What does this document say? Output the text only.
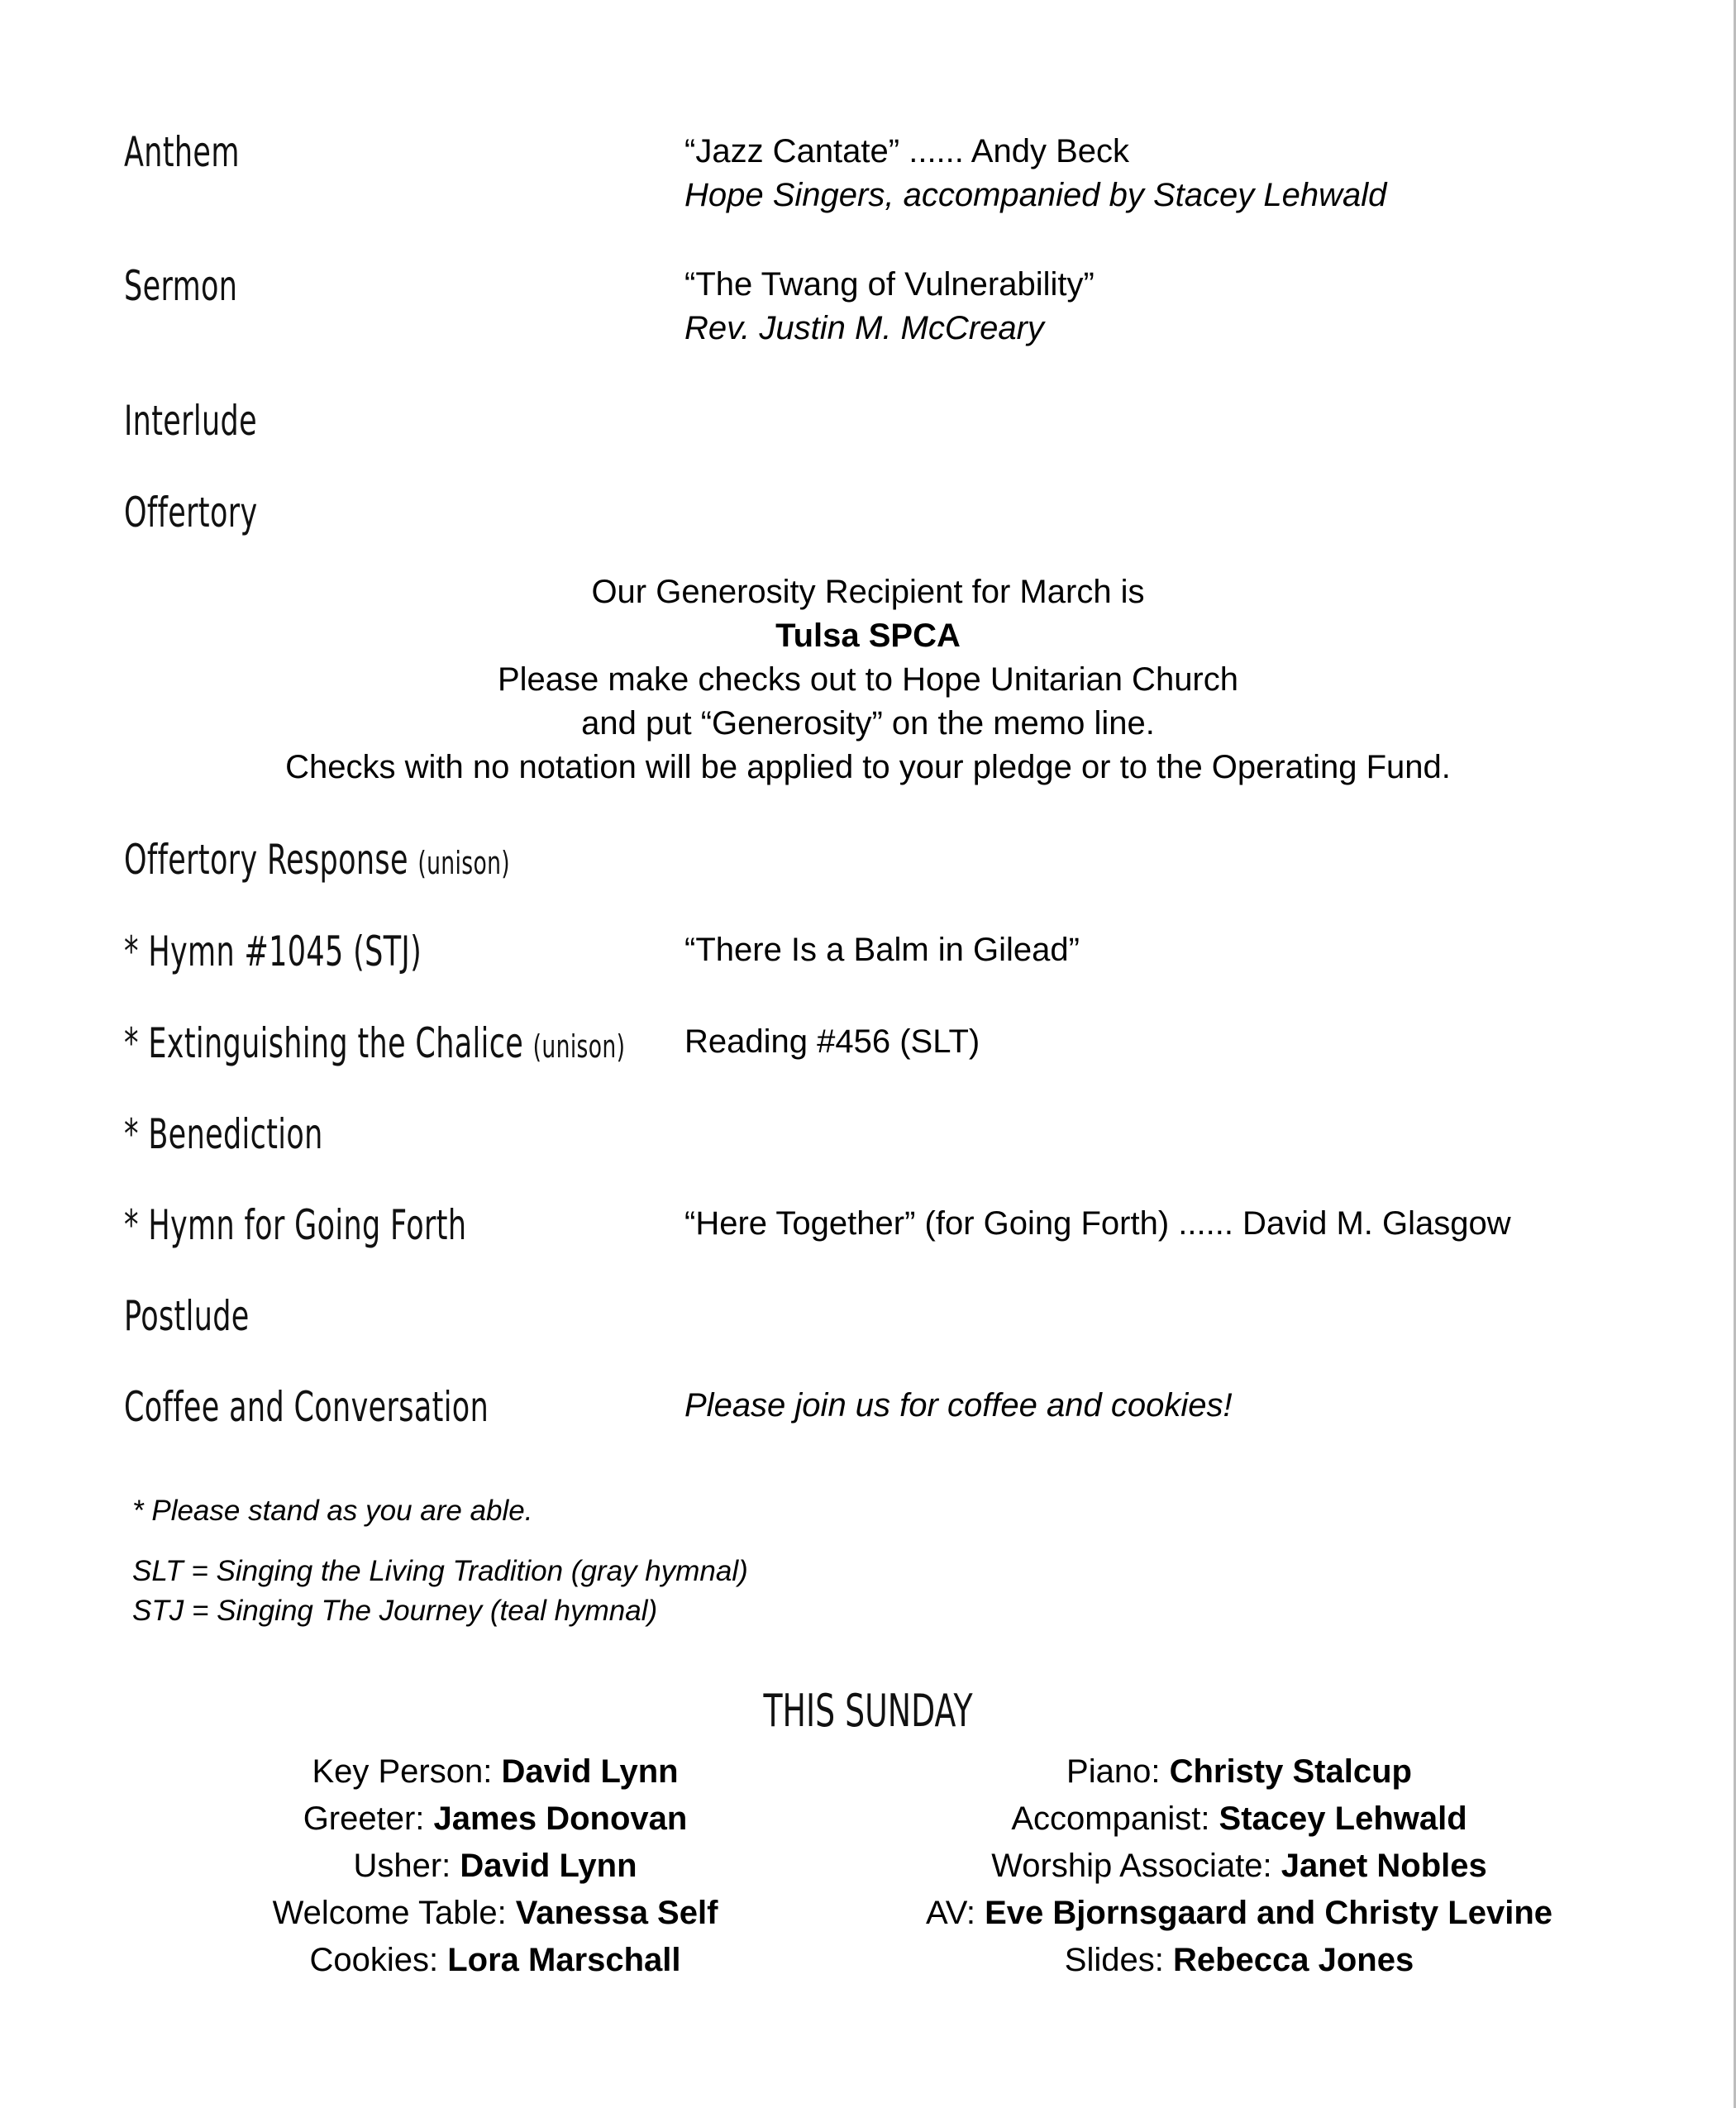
Anthem	“Jazz Cantate” ...... Andy Beck
Hope Singers, accompanied by Stacey Lehwald
Sermon	“The Twang of Vulnerability”
Rev. Justin M. McCreary
Interlude
Offertory
Our Generosity Recipient for March is
Tulsa SPCA
Please make checks out to Hope Unitarian Church
and put “Generosity” on the memo line.
Checks with no notation will be applied to your pledge or to the Operating Fund.
Offertory Response (unison)
* Hymn #1045 (STJ)	“There Is a Balm in Gilead”
* Extinguishing the Chalice (unison) Reading #456 (SLT)
* Benediction
* Hymn for Going Forth	“Here Together” (for Going Forth) ...... David M. Glasgow
Postlude
Coffee and Conversation	Please join us for coffee and cookies!
* Please stand as you are able.
SLT = Singing the Living Tradition (gray hymnal)
STJ = Singing The Journey (teal hymnal)
THIS SUNDAY
Key Person: David Lynn
Greeter: James Donovan
Usher: David Lynn
Welcome Table: Vanessa Self
Cookies: Lora Marschall
Piano: Christy Stalcup
Accompanist: Stacey Lehwald
Worship Associate: Janet Nobles
AV: Eve Bjornsgaard and Christy Levine
Slides: Rebecca Jones
